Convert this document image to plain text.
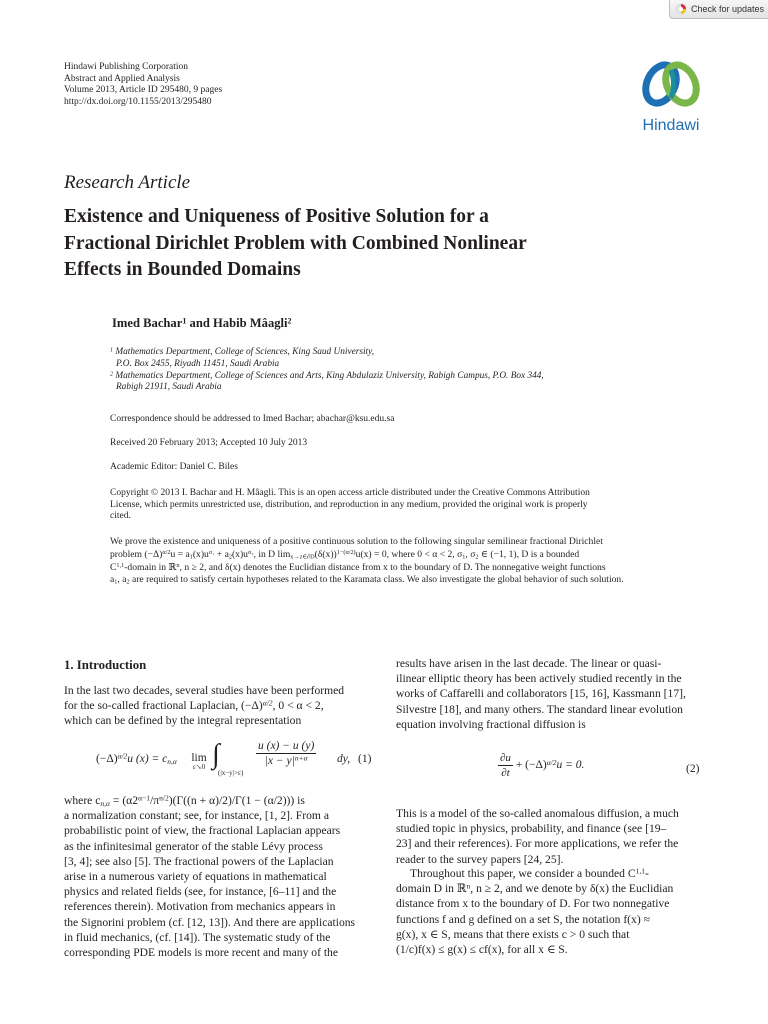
Check for updates
Hindawi Publishing Corporation
Abstract and Applied Analysis
Volume 2013, Article ID 295480, 9 pages
http://dx.doi.org/10.1155/2013/295480
Hindawi
Research Article
Existence and Uniqueness of Positive Solution for a
Fractional Dirichlet Problem with Combined Nonlinear
Effects in Bounded Domains
Imed Bachar$^1$ and Habib Mâagli$^2$
$^1$ Mathematics Department, College of Sciences, King Saud University,
P.O. Box 2455, Riyadh 11451, Saudi Arabia
$^2$ Mathematics Department, College of Sciences and Arts, King Abdulaziz University, Rabigh Campus, P.O. Box 344,
Rabigh 21911, Saudi Arabia
Correspondence should be addressed to Imed Bachar; abachar@ksu.edu.sa
Received 20 February 2013; Accepted 10 July 2013
Academic Editor: Daniel C. Biles
Copyright © 2013 I. Bachar and H. Mâagli. This is an open access article distributed under the Creative Commons Attribution
License, which permits unrestricted use, distribution, and reproduction in any medium, provided the original work is properly
cited.
We prove the existence and uniqueness of a positive continuous solution to the following singular semilinear fractional Dirichlet
problem $(-\Delta)^{\alpha/2}u = a_1(x)u^{\sigma_1} + a_2(x)u^{\sigma_2}$, in D $\lim_{x\to z\in\partial D}(\delta(x))^{1-(\alpha/2)}u(x) = 0$, where 0 < α < 2, $\sigma_1$, $\sigma_2$ ∈ (−1, 1), D is a bounded
C$^{1,1}$-domain in ℝ$^n$, n ≥ 2, and δ(x) denotes the Euclidian distance from x to the boundary of D. The nonnegative weight functions
$a_1$, $a_2$ are required to satisfy certain hypotheses related to the Karamata class. We also investigate the global behavior of such solution.
1. Introduction
In the last two decades, several studies have been performed
for the so-called fractional Laplacian, $(-\Delta)^{\alpha/2}$, 0 < α < 2,
which can be defined by the integral representation
$(-\Delta)^{\alpha/2}u$ $(x) = c_{n,\alpha}$ lim
ε↘0 ∫
(|x−y|>ε)
$\frac{u (x) - u (y)}{|x - y|^{n+\alpha}}$ dy, (1)
where $c_{n,\alpha} = (\alpha 2^{\alpha-1}/\pi^{n/2})(\Gamma((n + \alpha)/2)/\Gamma(1 - (\alpha/2)))$ is
a normalization constant; see, for instance, [1, 2]. From a
probabilistic point of view, the fractional Laplacian appears
as the infinitesimal generator of the stable Lévy process
[3, 4]; see also [5]. The fractional powers of the Laplacian
arise in a numerous variety of equations in mathematical
physics and related fields (see, for instance, [6–11] and the
references therein). Motivation from mechanics appears in
the Signorini problem (cf. [12, 13]). And there are applications
in fluid mechanics, (cf. [14]). The systematic study of the
corresponding PDE models is more recent and many of the
results have arisen in the last decade. The linear or quasi-
ilinear elliptic theory has been actively studied recently in the
works of Caffarelli and collaborators [15, 16], Kassmann [17],
Silvestre [18], and many others. The standard linear evolution
equation involving fractional diffusion is
$\frac{\partial u}{\partial t} + (-\Delta)^{\alpha/2}u = 0$.	(2)
This is a model of the so-called anomalous diffusion, a much
studied topic in physics, probability, and finance (see [19–
23] and their references). For more applications, we refer the
reader to the survey papers [24, 25].
Throughout this paper, we consider a bounded C$^{1,1}$-
domain D in ℝ$^n$, n ≥ 2, and we denote by δ(x) the Euclidian
distance from x to the boundary of D. For two nonnegative
functions f and g defined on a set S, the notation f(x) ≈
g(x), x ∈ S, means that there exists c > 0 such that
(1/c)f(x) ≤ g(x) ≤ cf(x), for all x ∈ S.
